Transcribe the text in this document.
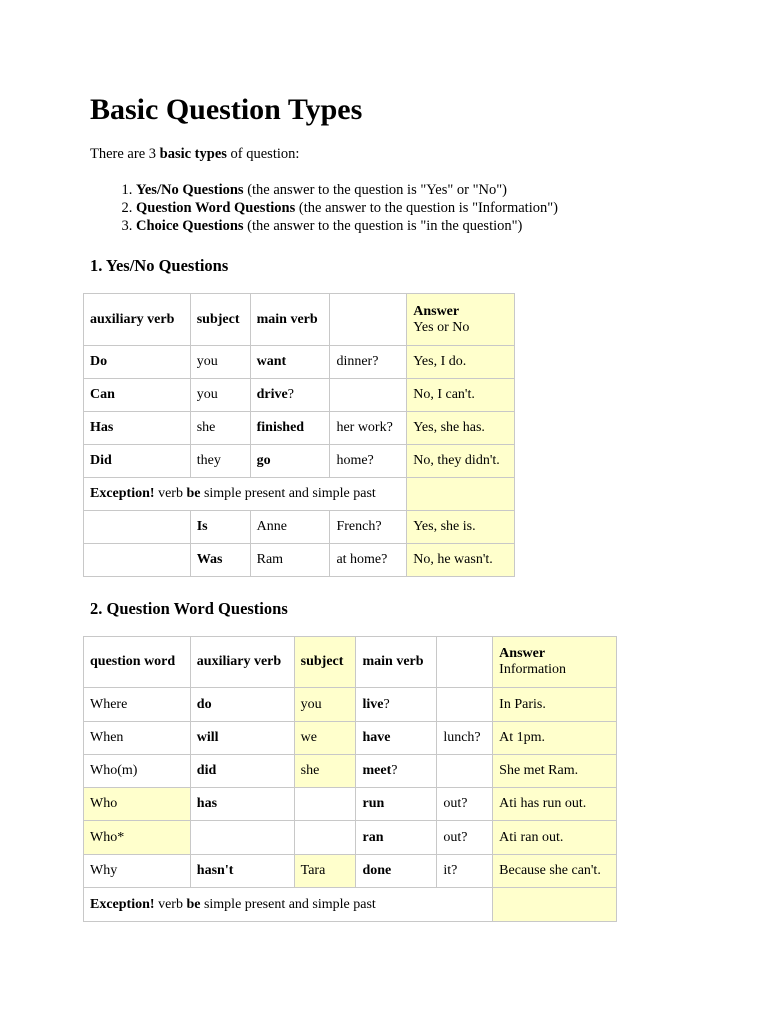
Basic Question Types

There are 3 basic types of question:

1. Yes/No Questions (the answer to the question is "Yes" or "No")
2. Question Word Questions (the answer to the question is "Information")
3. Choice Questions (the answer to the question is "in the question")
1. Yes/No Questions
auxiliary verb	subject	main verb		Answer
Yes or No

Do	you	want	dinner?	Yes, I do.
Can	you	drive?		No, I can't.
Has	she	finished	her work?	Yes, she has.
Did	they	go	home?	No, they didn't.
Exception! verb be simple present and simple past				
	Is	Anne	French?	Yes, she is.
	Was	Ram	at home?	No, he wasn't.
2. Question Word Questions
question word	auxiliary verb	subject	main verb		Answer
Information

Where	do	you	live?		In Paris.
When	will	we	have	lunch?	At 1pm.
Who(m)	did	she	meet?		She met Ram.
Who	has		run	out?	Ati has run out.
Who*			ran	out?	Ati ran out.
Why	hasn't	Tara	done	it?	Because she can't.
Exception! verb be simple present and simple past					
